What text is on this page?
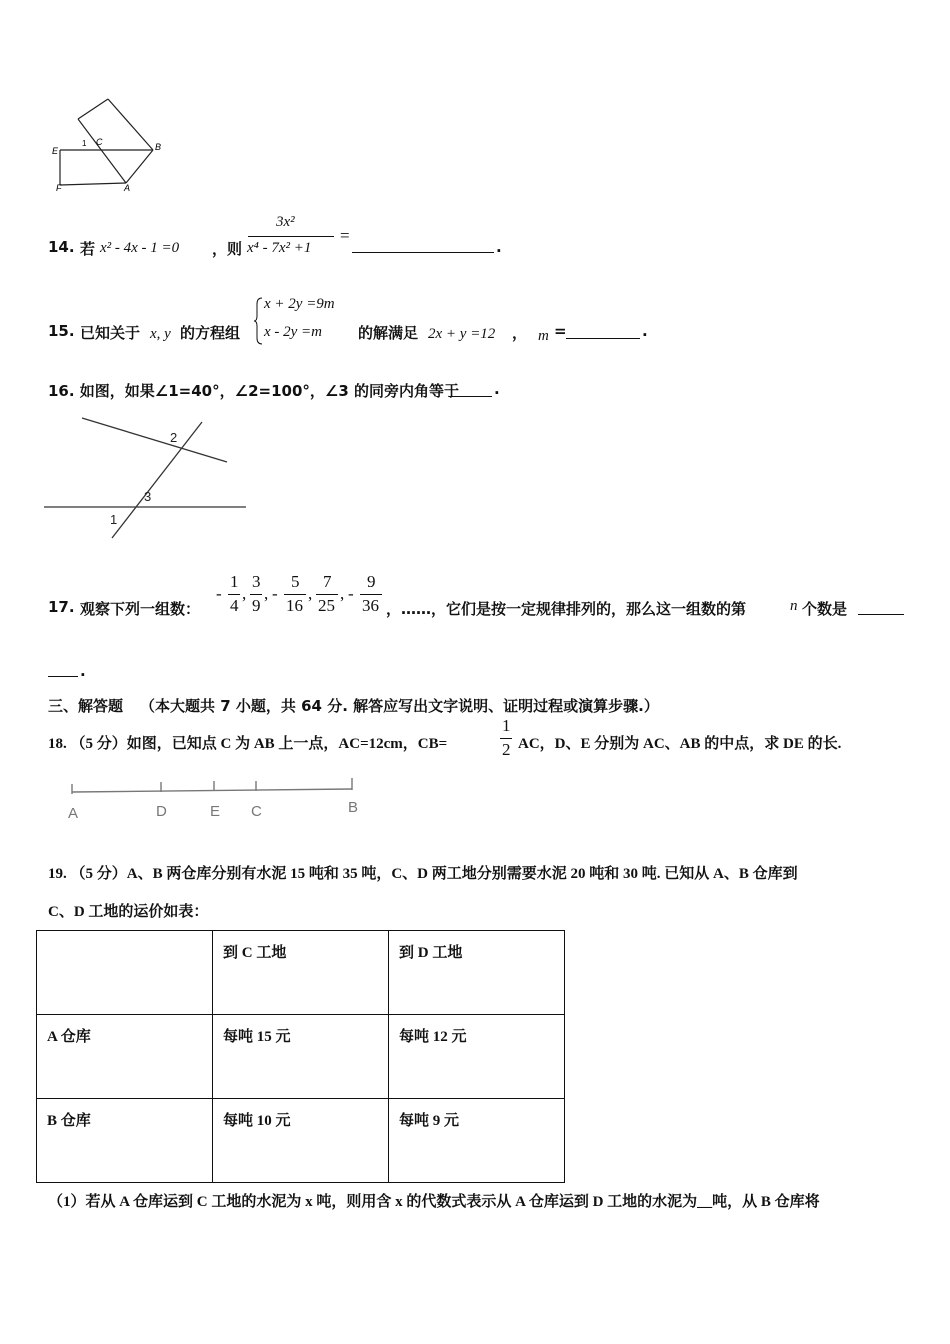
E
1 C	B
F	A
14. 若 x² - 4x - 1 =0 ，则
3x²
x⁴ - 7x² +1
=
.
15. 已知关于 x, y 的方程组
x + 2y =9m
x - 2y =m 的解满足 2x + y =12 ， m =	.
16. 如图，如果∠1=40°，∠2=100°，∠3 的同旁内角等于 .
2
3
1
17. 观察下列一组数：
-
1
4
,
3
9
, -
5
16
,
7
25
, -
9
36 ，……，它们是按一定规律排列的，那么这一组数的第	n 个数是
.
三、解答题 （本大题共 7 小题，共 64 分. 解答应写出文字说明、证明过程或演算步骤.）
18. （5 分）如图，已知点 C 为 AB 上一点，AC=12cm，CB=
1
2 AC，D、E 分别为 AC、AB 的中点，求 DE 的长.
A	D	E C	B
19. （5 分）A、B 两仓库分别有水泥 15 吨和 35 吨，C、D 两工地分别需要水泥 20 吨和 30 吨. 已知从 A、B 仓库到
C、D 工地的运价如表：
	到 C 工地	到 D 工地
A 仓库	每吨 15 元	每吨 12 元
B 仓库	每吨 10 元	每吨 9 元
（1）若从 A 仓库运到 C 工地的水泥为 x 吨，则用含 x 的代数式表示从 A 仓库运到 D 工地的水泥为__吨，从 B 仓库将
